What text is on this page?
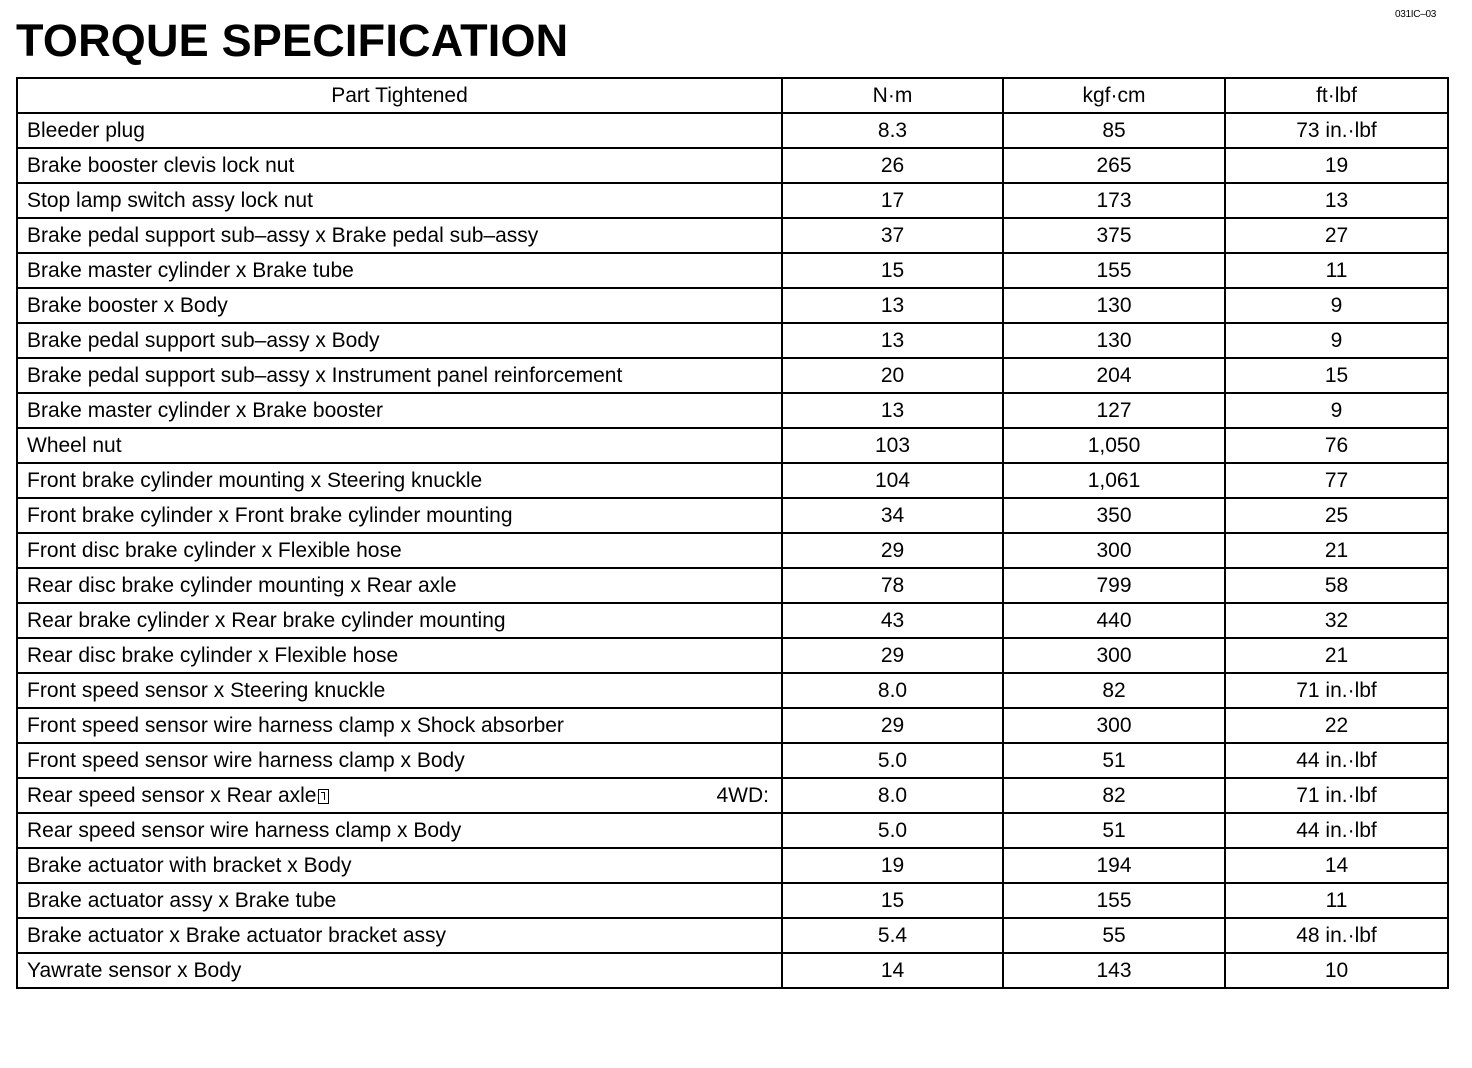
031IC–03
TORQUE SPECIFICATION
Part Tightened	N·m	kgf·cm	ft·lbf
Bleeder plug	8.3	85	73 in.·lbf
Brake booster clevis lock nut	26	265	19
Stop lamp switch assy lock nut	17	173	13
Brake pedal support sub–assy x Brake pedal sub–assy	37	375	27
Brake master cylinder x Brake tube	15	155	11
Brake booster x Body	13	130	9
Brake pedal support sub–assy x Body	13	130	9
Brake pedal support sub–assy x Instrument panel reinforcement	20	204	15
Brake master cylinder x Brake booster	13	127	9
Wheel nut	103	1,050	76
Front brake cylinder mounting x Steering knuckle	104	1,061	77
Front brake cylinder x Front brake cylinder mounting	34	350	25
Front disc brake cylinder x Flexible hose	29	300	21
Rear disc brake cylinder mounting x Rear axle	78	799	58
Rear brake cylinder x Rear brake cylinder mounting	43	440	32
Rear disc brake cylinder x Flexible hose	29	300	21
Front speed sensor x Steering knuckle	8.0	82	71 in.·lbf
Front speed sensor wire harness clamp x Shock absorber	29	300	22
Front speed sensor wire harness clamp x Body	5.0	51	44 in.·lbf

Rear speed sensor x Rear axle 4WD:	8.0	82	71 in.·lbf
Rear speed sensor wire harness clamp x Body	5.0	51	44 in.·lbf
Brake actuator with bracket x Body	19	194	14
Brake actuator assy x Brake tube	15	155	11
Brake actuator x Brake actuator bracket assy	5.4	55	48 in.·lbf
Yawrate sensor x Body	14	143	10
